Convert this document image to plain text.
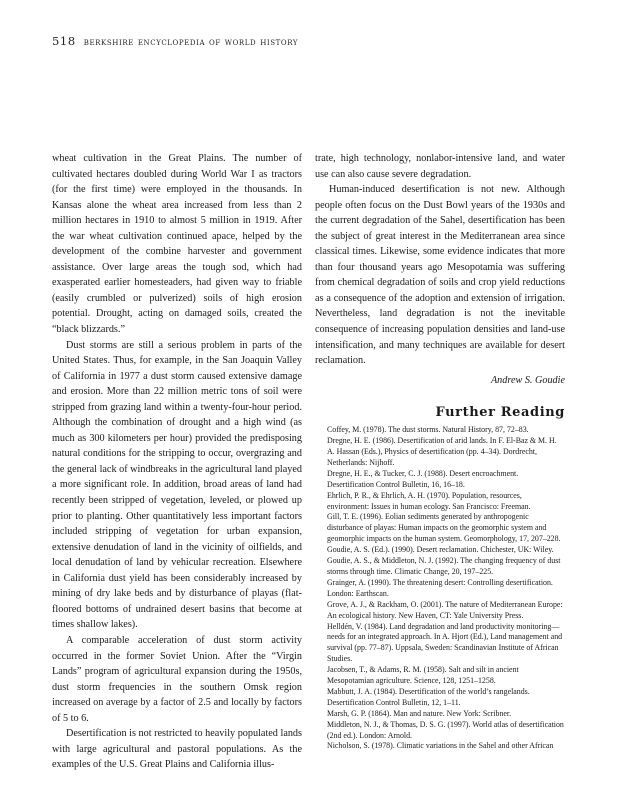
518 berkshire encyclopedia of world history

wheat cultivation in the Great Plains. The number of cultivated hectares doubled during World War I as tractors (for the first time) were employed in the thousands. In Kansas alone the wheat area increased from less than 2 million hectares in 1910 to almost 5 million in 1919. After the war wheat cultivation continued apace, helped by the development of the combine harvester and government assistance. Over large areas the tough sod, which had exasperated earlier homesteaders, had given way to friable (easily crumbled or pulverized) soils of high erosion potential. Drought, acting on damaged soils, created the “black blizzards.”

Dust storms are still a serious problem in parts of the United States. Thus, for example, in the San Joaquin Valley of California in 1977 a dust storm caused extensive damage and erosion. More than 22 million metric tons of soil were stripped from grazing land within a twenty-four-hour period. Although the combination of drought and a high wind (as much as 300 kilometers per hour) provided the predisposing natural conditions for the stripping to occur, overgrazing and the general lack of windbreaks in the agricultural land played a more significant role. In addition, broad areas of land had recently been stripped of vegetation, leveled, or plowed up prior to planting. Other quantitatively less important factors included stripping of vegetation for urban expansion, extensive denudation of land in the vicinity of oilfields, and local denudation of land by vehicular recreation. Elsewhere in California dust yield has been considerably increased by mining of dry lake beds and by disturbance of playas (flat-floored bottoms of undrained desert basins that become at times shallow lakes).

A comparable acceleration of dust storm activity occurred in the former Soviet Union. After the “Virgin Lands” program of agricultural expansion during the 1950s, dust storm frequencies in the southern Omsk region increased on average by a factor of 2.5 and locally by factors of 5 to 6.

Desertification is not restricted to heavily populated lands with large agricultural and pastoral populations. As the examples of the U.S. Great Plains and California illus-

trate, high technology, nonlabor-intensive land, and water use can also cause severe degradation.

Human-induced desertification is not new. Although people often focus on the Dust Bowl years of the 1930s and the current degradation of the Sahel, desertification has been the subject of great interest in the Mediterranean area since classical times. Likewise, some evidence indicates that more than four thousand years ago Mesopotamia was suffering from chemical degradation of soils and crop yield reductions as a consequence of the adoption and extension of irrigation. Nevertheless, land degradation is not the inevitable consequence of increasing population densities and land-use intensification, and many techniques are available for desert reclamation.

Andrew S. Goudie

Further Reading

Coffey, M. (1978). The dust storms. Natural History, 87, 72–83.

Dregne, H. E. (1986). Desertification of arid lands. In F. El-Baz & M. H. A. Hassan (Eds.), Physics of desertification (pp. 4–34). Dordrecht, Netherlands: Nijhoff.

Dregne, H. E., & Tucker, C. J. (1988). Desert encroachment. Desertification Control Bulletin, 16, 16–18.

Ehrlich, P. R., & Ehrlich, A. H. (1970). Population, resources, environment: Issues in human ecology. San Francisco: Freeman.

Gill, T. E. (1996). Eolian sediments generated by anthropogenic disturbance of playas: Human impacts on the geomorphic system and geomorphic impacts on the human system. Geomorphology, 17, 207–228.

Goudie, A. S. (Ed.). (1990). Desert reclamation. Chichester, UK: Wiley.

Goudie, A. S., & Middleton, N. J. (1992). The changing frequency of dust storms through time. Climatic Change, 20, 197–225.

Grainger, A. (1990). The threatening desert: Controlling desertification. London: Earthscan.

Grove, A. J., & Rackham, O. (2001). The nature of Mediterranean Europe: An ecological history. New Haven, CT: Yale University Press.

Helldén, V. (1984). Land degradation and land productivity monitoring—needs for an integrated approach. In A. Hjort (Ed.), Land management and survival (pp. 77–87). Uppsala, Sweden: Scandinavian Institute of African Studies.

Jacobsen, T., & Adams, R. M. (1958). Salt and silt in ancient Mesopotamian agriculture. Science, 128, 1251–1258.

Mabbutt, J. A. (1984). Desertification of the world’s rangelands. Desertification Control Bulletin, 12, 1–11.

Marsh, G. P. (1864). Man and nature. New York: Scribner.

Middleton, N. J., & Thomas, D. S. G. (1997). World atlas of desertification (2nd ed.). London: Arnold.

Nicholson, S. (1978). Climatic variations in the Sahel and other African
